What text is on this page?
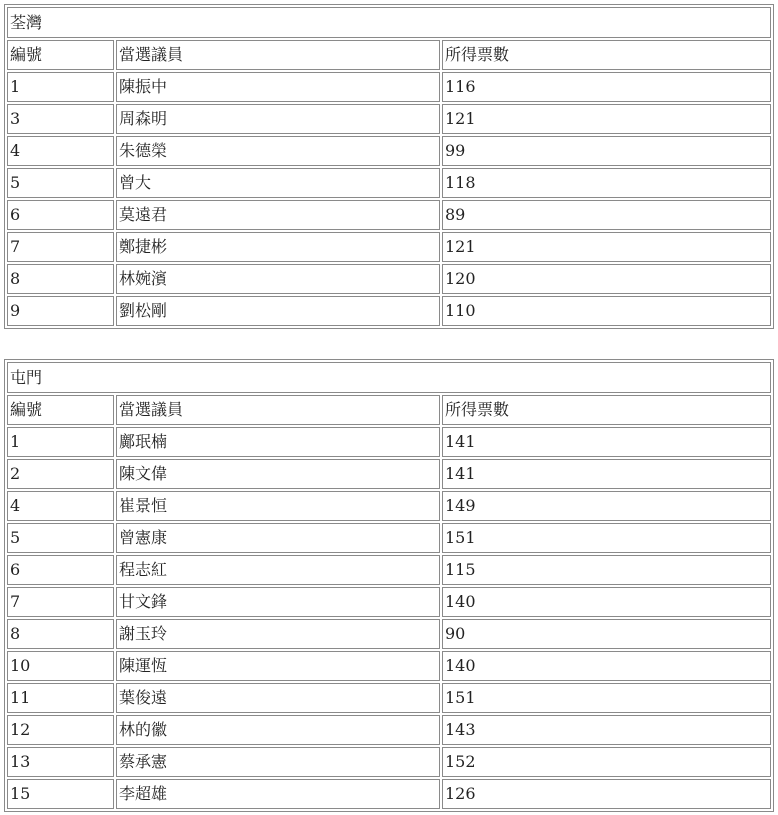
荃灣		
編號	當選議員	所得票數
1	陳振中	116
3	周森明	121
4	朱德榮	99
5	曾大	118
6	莫遠君	89
7	鄭捷彬	121
8	林婉濱	120
9	劉松剛	110
屯門		
編號	當選議員	所得票數
1	鄺珉楠	141
2	陳文偉	141
4	崔景恒	149
5	曾憲康	151
6	程志紅	115
7	甘文鋒	140
8	謝玉玲	90
10	陳運恆	140
11	葉俊遠	151
12	林的徽	143
13	蔡承憲	152
15	李超雄	126
